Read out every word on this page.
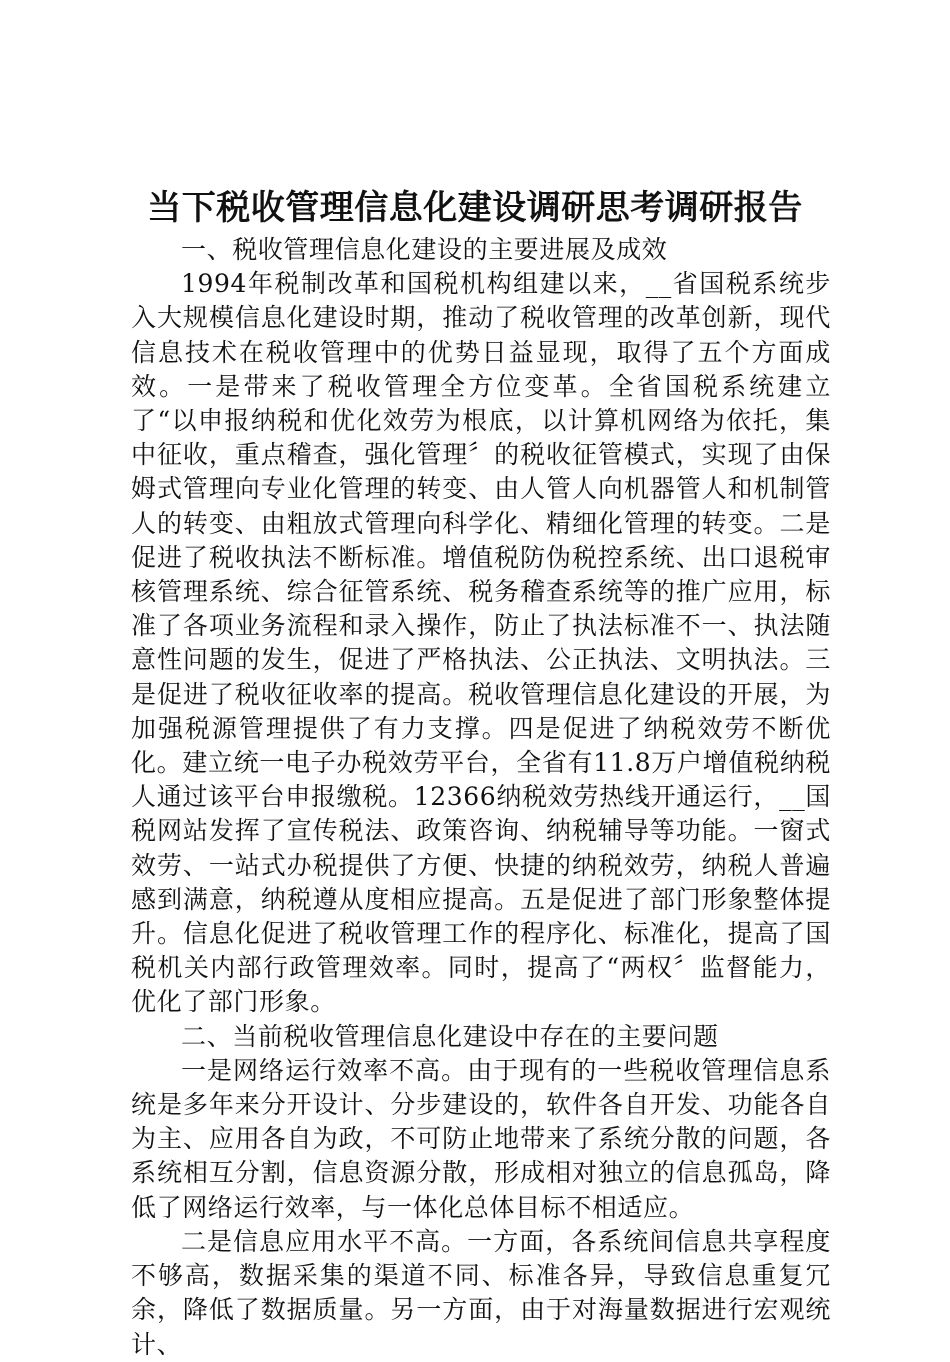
当下税收管理信息化建设调研思考调研报告

一、税收管理信息化建设的主要进展及成效

1994年税制改革和国税机构组建以来，__省国税系统步入大规模信息化建设时期，推动了税收管理的改革创新，现代信息技术在税收管理中的优势日益显现，取得了五个方面成效。一是带来了税收管理全方位变革。全省国税系统建立了“以申报纳税和优化效劳为根底，以计算机网络为依托，集中征收，重点稽查，强化管理〞的税收征管模式，实现了由保姆式管理向专业化管理的转变、由人管人向机器管人和机制管人的转变、由粗放式管理向科学化、精细化管理的转变。二是促进了税收执法不断标准。增值税防伪税控系统、出口退税审核管理系统、综合征管系统、税务稽查系统等的推广应用，标准了各项业务流程和录入操作，防止了执法标准不一、执法随意性问题的发生，促进了严格执法、公正执法、文明执法。三是促进了税收征收率的提高。税收管理信息化建设的开展，为加强税源管理提供了有力支撑。四是促进了纳税效劳不断优化。建立统一电子办税效劳平台，全省有11.8万户增值税纳税人通过该平台申报缴税。12366纳税效劳热线开通运行，__国税网站发挥了宣传税法、政策咨询、纳税辅导等功能。一窗式效劳、一站式办税提供了方便、快捷的纳税效劳，纳税人普遍感到满意，纳税遵从度相应提高。五是促进了部门形象整体提升。信息化促进了税收管理工作的程序化、标准化，提高了国税机关内部行政管理效率。同时，提高了“两权〞监督能力，优化了部门形象。

二、当前税收管理信息化建设中存在的主要问题

一是网络运行效率不高。由于现有的一些税收管理信息系统是多年来分开设计、分步建设的，软件各自开发、功能各自为主、应用各自为政，不可防止地带来了系统分散的问题，各系统相互分割，信息资源分散，形成相对独立的信息孤岛，降低了网络运行效率，与一体化总体目标不相适应。

二是信息应用水平不高。一方面，各系统间信息共享程度不够高，数据采集的渠道不同、标准各异，导致信息重复冗余，降低了数据质量。另一方面，由于对海量数据进行宏观统计、
